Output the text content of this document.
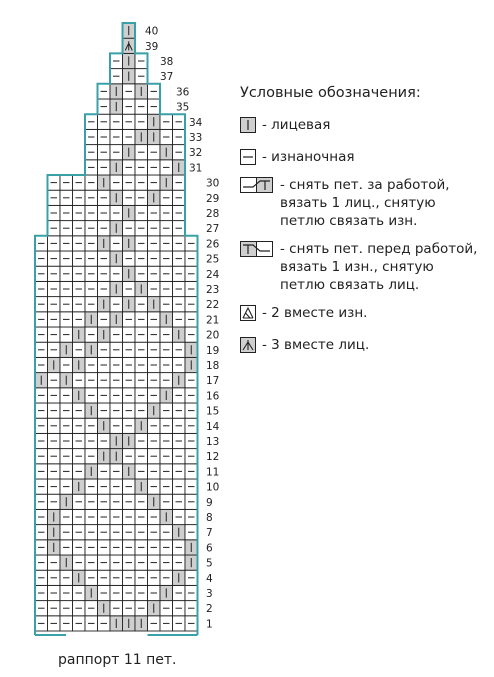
1
2
3
4
5
6
7
8
9
10
11
12
13
14
15
16
17
18
19
20
21
22
23
24
25
26
27
28
29
30
31
32
33
34
35
36
37
38
39
40
раппорт 11 пет.
Условные обозначения:
- лицевая
- изнаночная
- снять пет. за работой,
вязать 1 лиц., снятую
петлю связать изн.
- снять пет. перед работой,
вязать 1 изн., снятую
петлю связать лиц.
- 2 вместе изн.
- 3 вместе лиц.
